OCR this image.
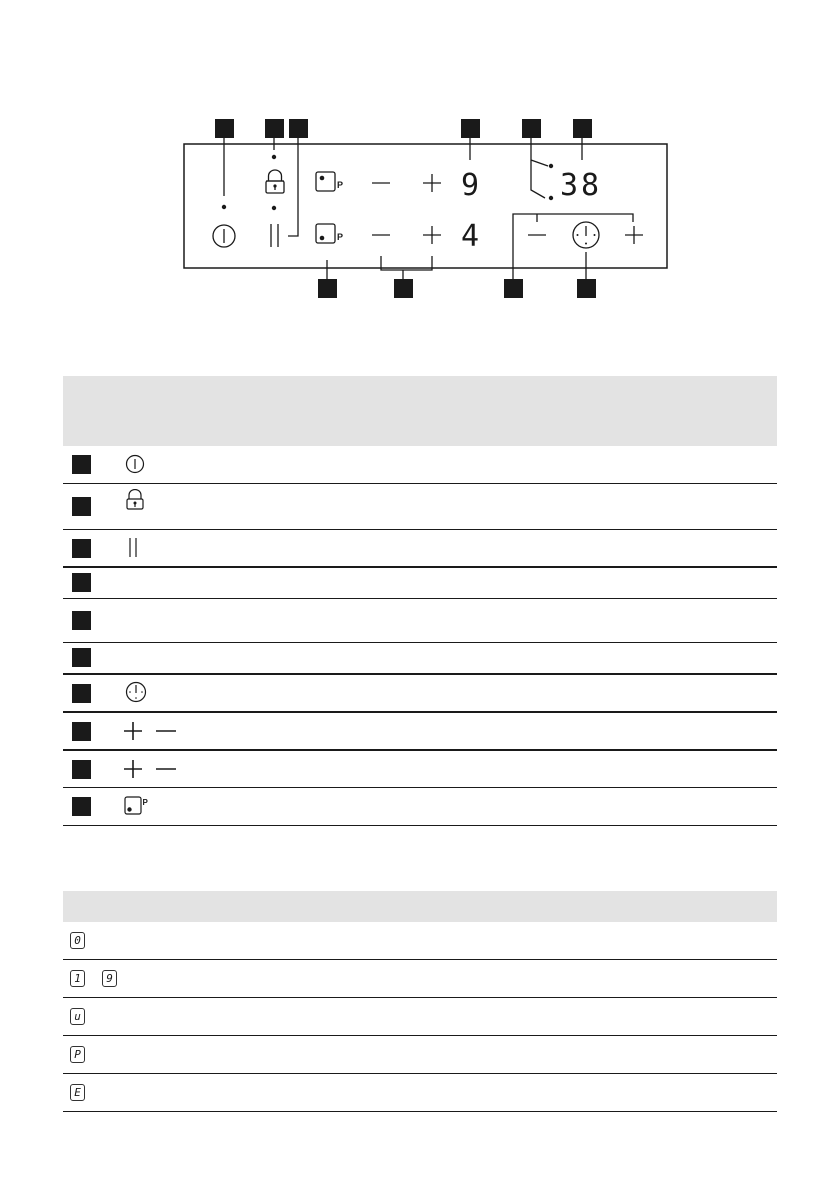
P
P
9
4
38
P
0
1 9
u
P
E
